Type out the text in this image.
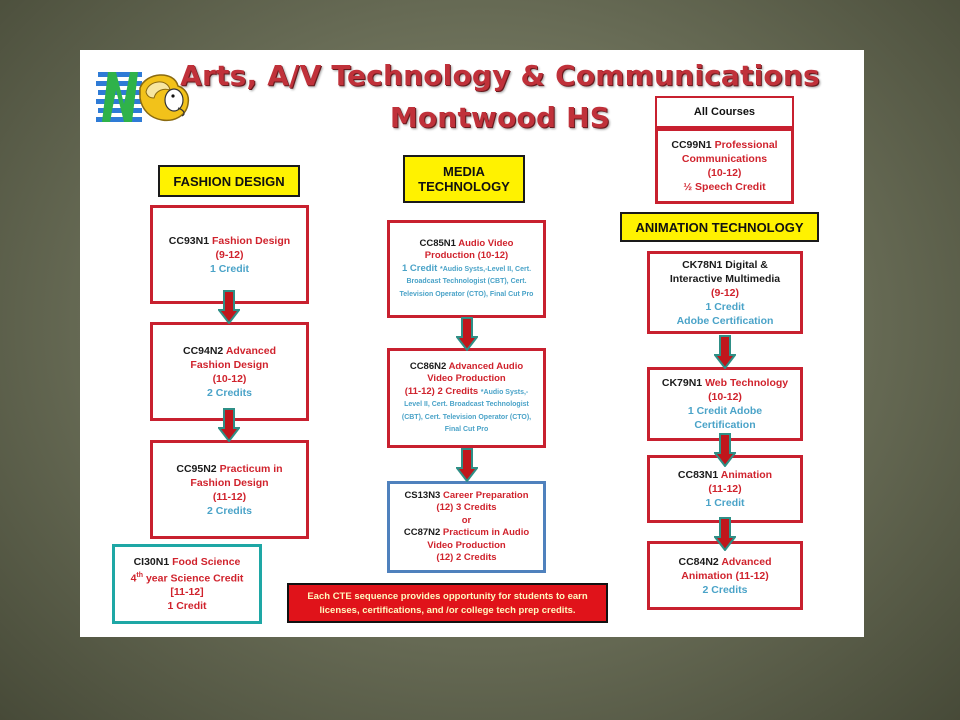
Arts, A/V Technology & Communications
Montwood HS
FASHION DESIGN
CC93N1 Fashion Design
(9-12)
1 Credit
CC94N2 Advanced
Fashion Design
(10-12)
2 Credits
CC95N2 Practicum in
Fashion Design
(11-12)
2 Credits
CI30N1 Food Science
4th year Science Credit
[11-12]
1 Credit
MEDIA
TECHNOLOGY
CC85N1 Audio Video
Production (10-12)
1 Credit *Audio Systs,-Level II, Cert. Broadcast Technologist (CBT), Cert. Television Operator (CTO), Final Cut Pro
CC86N2 Advanced Audio
Video Production
(11-12) 2 Credits *Audio Systs,-Level II, Cert. Broadcast Technologist (CBT), Cert. Television Operator (CTO), Final Cut Pro
CS13N3 Career Preparation
(12) 3 Credits
or
CC87N2 Practicum in Audio
Video Production
(12) 2 Credits
All Courses
CC99N1 Professional
Communications
(10-12)
½ Speech Credit
ANIMATION TECHNOLOGY
CK78N1 Digital &
Interactive Multimedia
(9-12)
1 Credit
Adobe Certification
CK79N1 Web Technology
(10-12)
1 Credit Adobe
Certification
CC83N1 Animation
(11-12)
1 Credit
CC84N2 Advanced
Animation (11-12)
2 Credits
Each CTE sequence provides opportunity for students to earn
licenses, certifications, and /or college tech prep credits.
